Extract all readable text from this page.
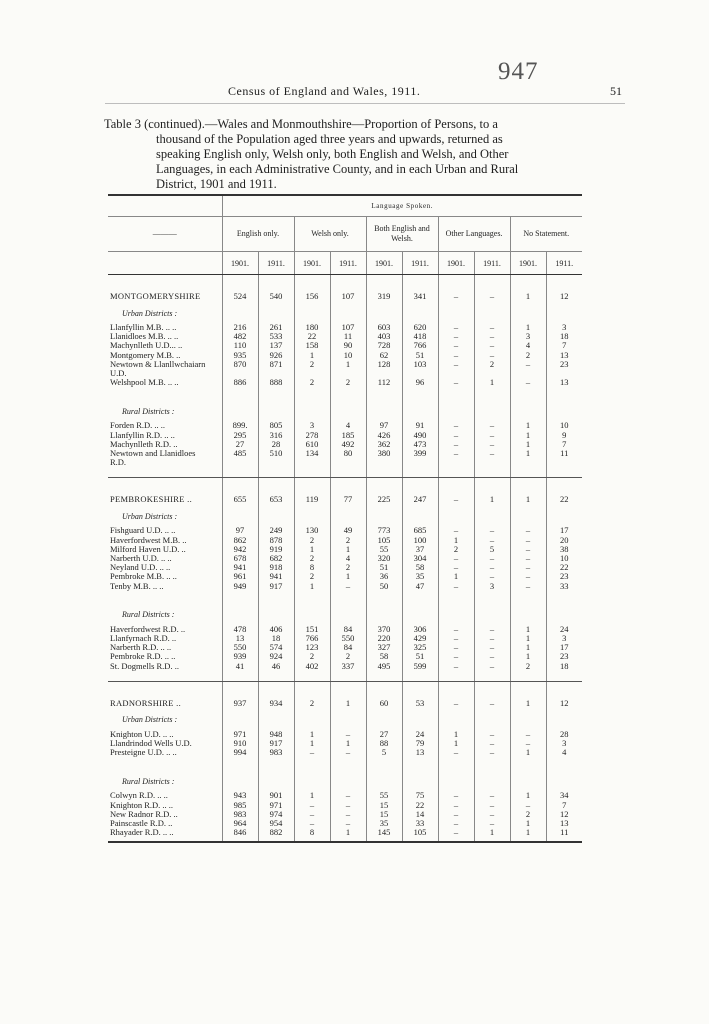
947
Census of England and Wales, 1911.	51
Table 3 (continued).—Wales and Monmouthshire—Proportion of Persons, to a
thousand of the Population aged three years and upwards, returned as
speaking English only, Welsh only, both English and Welsh, and Other
Languages, in each Administrative County, and in each Urban and Rural
District, 1901 and 1911.
	Language Spoken.									
———	English only.		Welsh only.		Both English and Welsh.		Other Languages.		No Statement.	
	1901.	1911.	1901.	1911.	1901.	1911.	1901.	1911.	1901.	1911.

MONTGOMERYSHIRE	524	540	156	107	319	341	–	–	1	12
Urban Districts :										
Llanfyllin M.B. .. ..	216	261	180	107	603	620	–	–	1	3
Llanidloes M.B. .. ..	482	533	22	11	403	418	–	–	3	18
Machynlleth U.D... ..	110	137	158	90	728	766	–	–	4	7
Montgomery M.B. ..	935	926	1	10	62	51	–	–	2	13
Newtown & Llanllwchaiarn	870	871	2	1	128	103	–	2	–	23
U.D.										
Welshpool M.B. .. ..	886	888	2	2	112	96	–	1	–	13

Rural Districts :										
Forden R.D. .. ..	899.	805	3	4	97	91	–	–	1	10
Llanfyllin R.D. .. ..	295	316	278	185	426	490	–	–	1	9
Machynlleth R.D. ..	27	28	610	492	362	473	–	–	1	7
Newtown and Llanidloes	485	510	134	80	380	399	–	–	1	11
R.D.										

PEMBROKESHIRE ..	655	653	119	77	225	247	–	1	1	22
Urban Districts :										
Fishguard U.D. .. ..	97	249	130	49	773	685	–	–	–	17
Haverfordwest M.B. ..	862	878	2	2	105	100	1	–	–	20
Milford Haven U.D. ..	942	919	1	1	55	37	2	5	–	38
Narberth U.D. .. ..	678	682	2	4	320	304	–	–	–	10
Neyland U.D. .. ..	941	918	8	2	51	58	–	–	–	22
Pembroke M.B. .. ..	961	941	2	1	36	35	1	–	–	23
Tenby M.B. .. ..	949	917	1	–	50	47	–	3	–	33

Rural Districts :										
Haverfordwest R.D. ..	478	406	151	84	370	306	–	–	1	24
Llanfyrnach R.D. ..	13	18	766	550	220	429	–	–	1	3
Narberth R.D. .. ..	550	574	123	84	327	325	–	–	1	17
Pembroke R.D. .. ..	939	924	2	2	58	51	–	–	1	23
St. Dogmells R.D. ..	41	46	402	337	495	599	–	–	2	18

RADNORSHIRE ..	937	934	2	1	60	53	–	–	1	12
Urban Districts :										
Knighton U.D. .. ..	971	948	1	–	27	24	1	–	–	28
Llandrindod Wells U.D.	910	917	1	1	88	79	1	–	–	3
Presteigne U.D. .. ..	994	983	–	–	5	13	–	–	1	4

Rural Districts :										
Colwyn R.D. .. ..	943	901	1	–	55	75	–	–	1	34
Knighton R.D. .. ..	985	971	–	–	15	22	–	–	–	7
New Radnor R.D. ..	983	974	–	–	15	14	–	–	2	12
Painscastle R.D. ..	964	954	–	–	35	33	–	–	1	13
Rhayader R.D. .. ..	846	882	8	1	145	105	–	1	1	11
